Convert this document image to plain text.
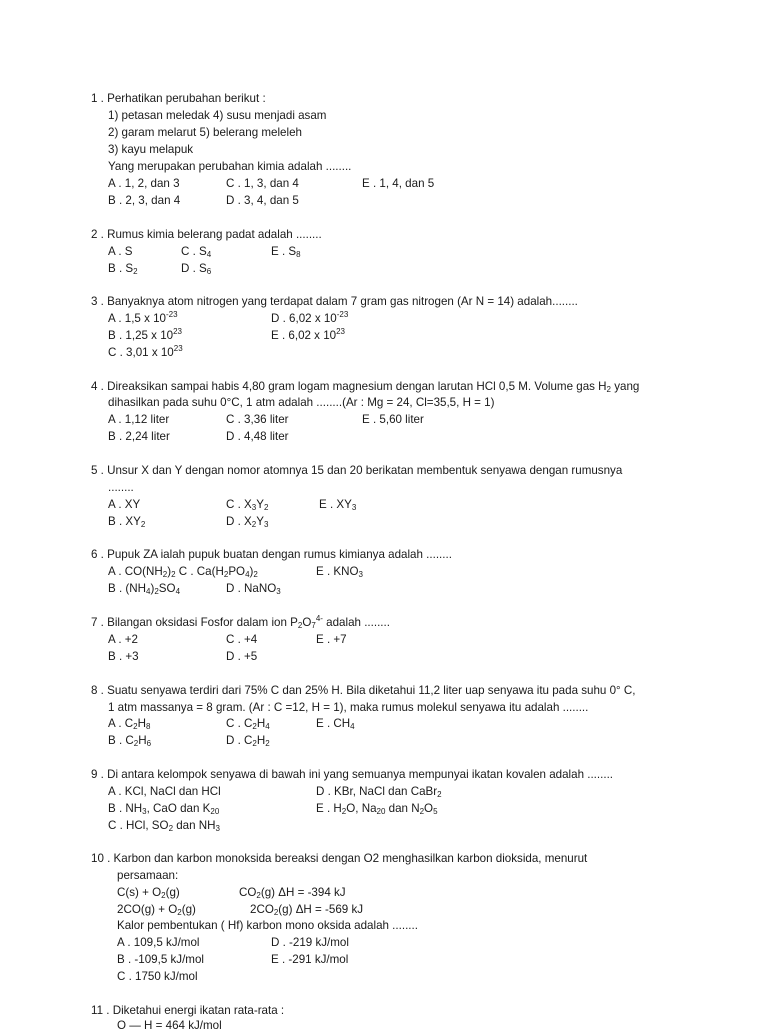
1 . Perhatikan perubahan berikut :
1) petasan meledak 4) susu menjadi asam
2) garam melarut 5) belerang meleleh
3) kayu melapuk
Yang merupakan perubahan kimia adalah ........
A . 1, 2, dan 3	C . 1, 3, dan 4	E . 1, 4, dan 5
B . 2, 3, dan 4	D . 3, 4, dan 5
2 . Rumus kimia belerang padat adalah ........
A . S	C . $S_4$	E . $S_8$
B . $S_2$	D . $S_6$
3 . Banyaknya atom nitrogen yang terdapat dalam 7 gram gas nitrogen (Ar N = 14) adalah........
A . 1,5 x $10^{-23}$	D . 6,02 x $10^{-23}$
B . 1,25 x $10^{23}$	E . 6,02 x $10^{23}$
C . 3,01 x $10^{23}$
4 . Direaksikan sampai habis 4,80 gram logam magnesium dengan larutan HCl 0,5 M. Volume gas $H_2$ yang
dihasilkan pada suhu 0°C, 1 atm adalah ........(Ar : Mg = 24, Cl=35,5, H = 1)
A . 1,12 liter	C . 3,36 liter	E . 5,60 liter
B . 2,24 liter	D . 4,48 liter
5 . Unsur X dan Y dengan nomor atomnya 15 dan 20 berikatan membentuk senyawa dengan rumusnya
........
A . XY	C . $X_3Y_2$	E . $XY_3$
B . $XY_2$	D . $X_2Y_3$
6 . Pupuk ZA ialah pupuk buatan dengan rumus kimianya adalah ........
A . $CO(NH_2)_2$ C . $Ca(H_2PO_4)_2$	E . $KNO_3$
B . $(NH_4)_2SO_4$	D . NaNO$_3$
7 . Bilangan oksidasi Fosfor dalam ion $P_2O_7^{4-}$ adalah ........
A . +2	C . +4	E . +7
B . +3	D . +5
8 . Suatu senyawa terdiri dari 75% C dan 25% H. Bila diketahui 11,2 liter uap senyawa itu pada suhu 0° C,
1 atm massanya = 8 gram. (Ar : C =12, H = 1), maka rumus molekul senyawa itu adalah ........
A . $C_2H_8$	C . $C_2H_4$	E . $CH_4$
B . $C_2H_6$	D . $C_2H_2$
9 . Di antara kelompok senyawa di bawah ini yang semuanya mempunyai ikatan kovalen adalah ........
A . KCl, NaCl dan HCl	D . KBr, NaCl dan CaBr$_2$
B . $NH_3$, CaO dan $K_{20}$	E . $H_2O$, $Na_{20}$ dan $N_2O_5$
C . HCl, $SO_2$ dan $NH_3$
10 . Karbon dan karbon monoksida bereaksi dengan O2 menghasilkan karbon dioksida, menurut
persamaan:
$C(s) + O_2(g)$	$CO_2(g) \Delta H = -394$ kJ
$2CO(g) + O_2(g)$	$2CO_2(g) \Delta H = -569$ kJ
Kalor pembentukan ( Hf) karbon mono oksida adalah ........
A . 109,5 kJ/mol	D . -219 kJ/mol
B . -109,5 kJ/mol	E . -291 kJ/mol
C . 1750 kJ/mol
11 . Diketahui energi ikatan rata-rata :
O — H = 464 kJ/mol
